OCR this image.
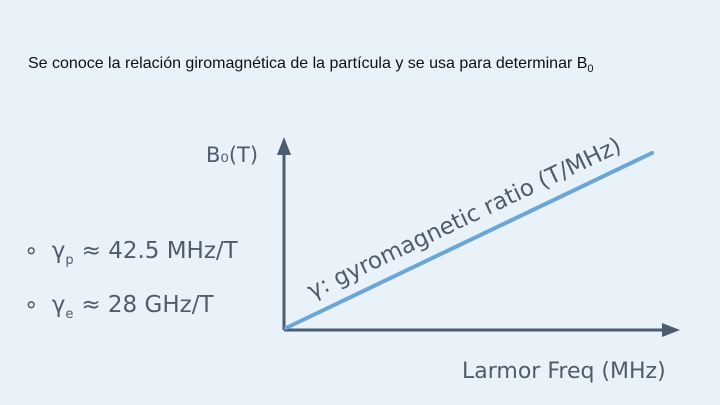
Se conoce la relación giromagnética de la partícula y se usa para determinar $B_0$
B₀(T)
Larmor Freq (MHz)
γ: gyromagnetic ratio (T/MHz)
∘ $\gamma_p \approx 42.5$ MHz/T
∘ $\gamma_e \approx 28$ GHz/T
